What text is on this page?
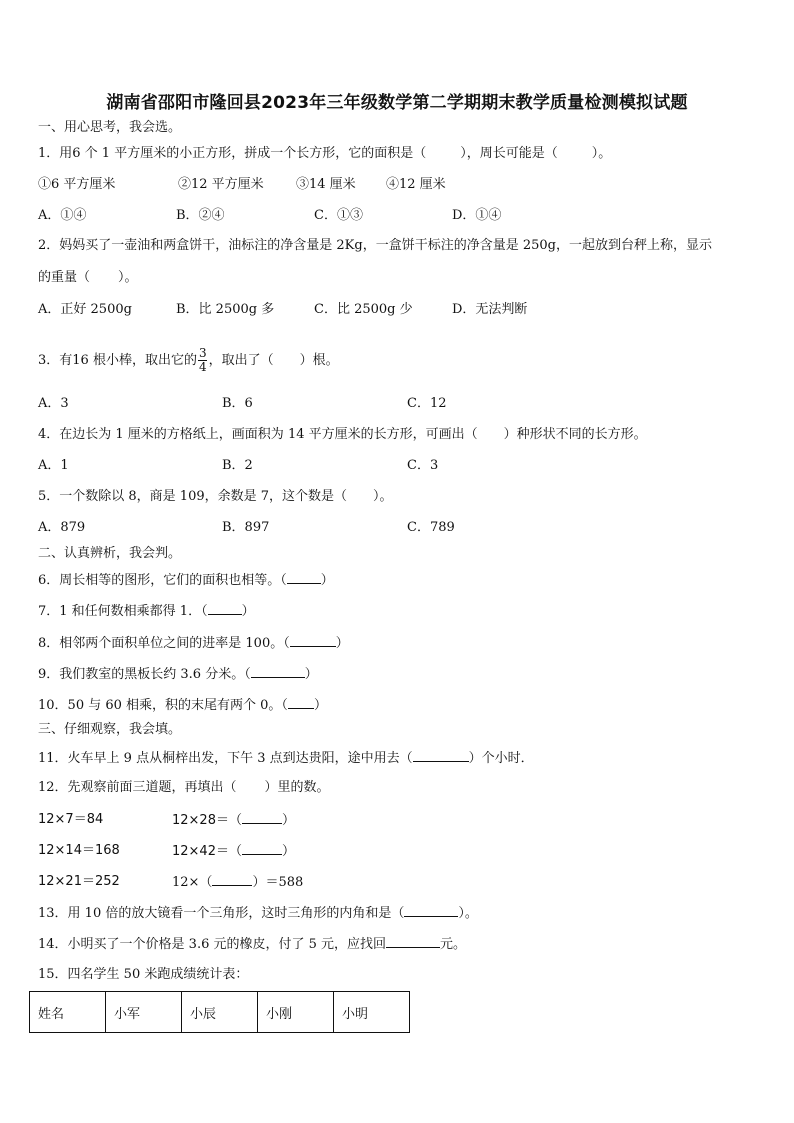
湖南省邵阳市隆回县2023年三年级数学第二学期期末教学质量检测模拟试题
一、用心思考，我会选。
1．用6 个 1 平方厘米的小正方形，拼成一个长方形，它的面积是（	），周长可能是（	）。
①6 平方厘米	②12 平方厘米 ③14 厘米 ④12 厘米
A．①④	B．②④	C．①③	D．①④
2．妈妈买了一壶油和两盒饼干，油标注的净含量是 2Kg，一盒饼干标注的净含量是 250g，一起放到台秤上称，显示
的重量（ ）。
A．正好 2500g	B．比 2500g 多	C．比 2500g 少	D．无法判断
3．有16 根小棒，取出它的 $\frac{3}{4}$ ，取出了（ ）根。
A．3	B．6	C．12
4．在边长为 1 厘米的方格纸上，画面积为 14 平方厘米的长方形，可画出（ ）种形状不同的长方形。
A．1	B．2	C．3
5．一个数除以 8，商是 109，余数是 7，这个数是（ ）。
A．879	B．897	C．789
二、认真辨析，我会判。
6．周长相等的图形，它们的面积也相等。（	）
7．1 和任何数相乘都得 1．（	）
8．相邻两个面积单位之间的进率是 100。（	）
9．我们教室的黑板长约 3.6 分米。（	）
10．50 与 60 相乘，积的末尾有两个 0。（ ）
三、仔细观察，我会填。
11．火车早上 9 点从桐梓出发，下午 3 点到达贵阳，途中用去（	）个小时．
12．先观察前面三道题，再填出（ ）里的数。
12×7＝84
12×14＝168
12×21＝252
12×28＝（	）
12×42＝（	）
12×（	）＝588
13．用 10 倍的放大镜看一个三角形，这时三角形的内角和是（	）。
14．小明买了一个价格是 3.6 元的橡皮，付了 5 元，应找回	元。
15．四名学生 50 米跑成绩统计表：
姓名	小军	小辰	小刚	小明
